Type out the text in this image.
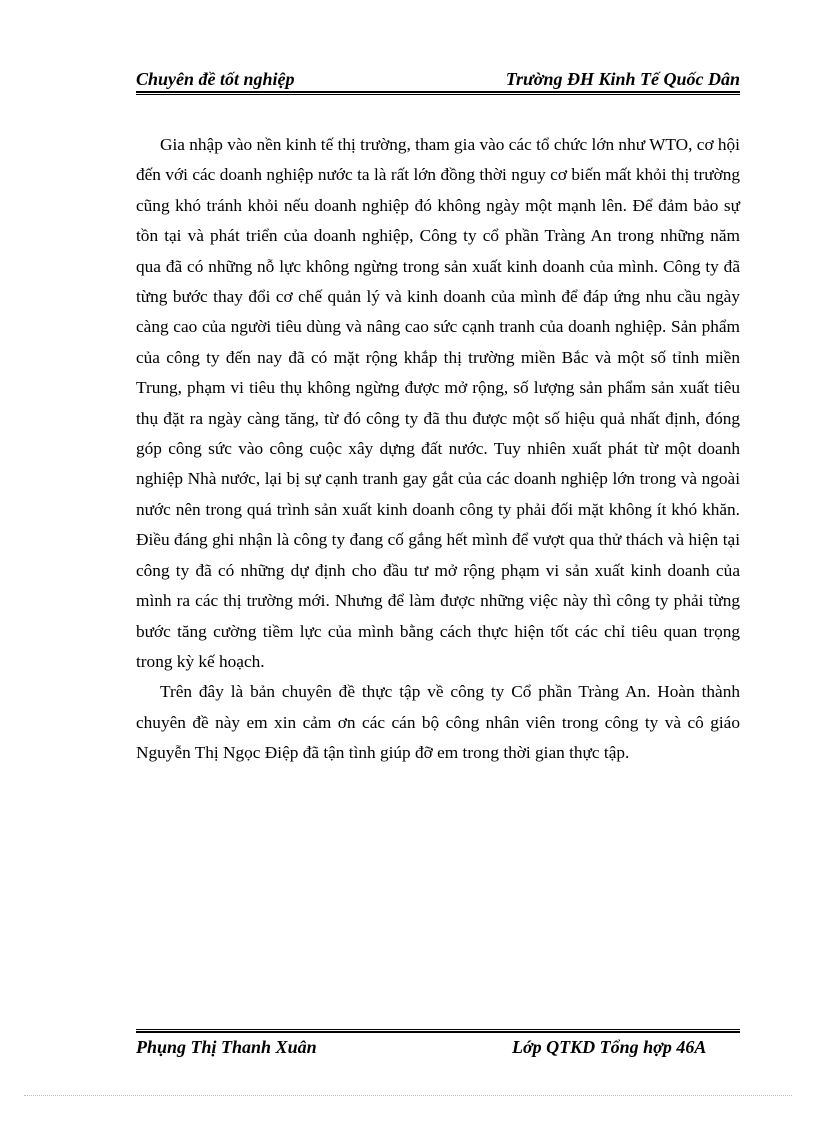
Chuyên đề tốt nghiệp	Trường ĐH Kinh Tế Quốc Dân

Gia nhập vào nền kinh tế thị trường, tham gia vào các tổ chức lớn như WTO, cơ hội đến với các doanh nghiệp nước ta là rất lớn đồng thời nguy cơ biến mất khỏi thị trường cũng khó tránh khỏi nếu doanh nghiệp đó không ngày một mạnh lên. Để đảm bảo sự tồn tại và phát triển của doanh nghiệp, Công ty cổ phần Tràng An trong những năm qua đã có những nỗ lực không ngừng trong sản xuất kinh doanh của mình. Công ty đã từng bước thay đổi cơ chế quản lý và kinh doanh của mình để đáp ứng nhu cầu ngày càng cao của người tiêu dùng và nâng cao sức cạnh tranh của doanh nghiệp. Sản phẩm của công ty đến nay đã có mặt rộng khắp thị trường miền Bắc và một số tỉnh miền Trung, phạm vi tiêu thụ không ngừng được mở rộng, số lượng sản phẩm sản xuất tiêu thụ đặt ra ngày càng tăng, từ đó công ty đã thu được một số hiệu quả nhất định, đóng góp công sức vào công cuộc xây dựng đất nước. Tuy nhiên xuất phát từ một doanh nghiệp Nhà nước, lại bị sự cạnh tranh gay gắt của các doanh nghiệp lớn trong và ngoài nước nên trong quá trình sản xuất kinh doanh công ty phải đối mặt không ít khó khăn. Điều đáng ghi nhận là công ty đang cố gắng hết mình để vượt qua thử thách và hiện tại công ty đã có những dự định cho đầu tư mở rộng phạm vi sản xuất kinh doanh của mình ra các thị trường mới. Nhưng để làm được những việc này thì công ty phải từng bước tăng cường tiềm lực của mình bằng cách thực hiện tốt các chỉ tiêu quan trọng trong kỳ kế hoạch.

Trên đây là bản chuyên đề thực tập về công ty Cổ phần Tràng An. Hoàn thành chuyên đề này em xin cảm ơn các cán bộ công nhân viên trong công ty và cô giáo Nguyễn Thị Ngọc Điệp đã tận tình giúp đỡ em trong thời gian thực tập.

Phụng Thị Thanh Xuân	Lớp QTKD Tổng hợp 46A
